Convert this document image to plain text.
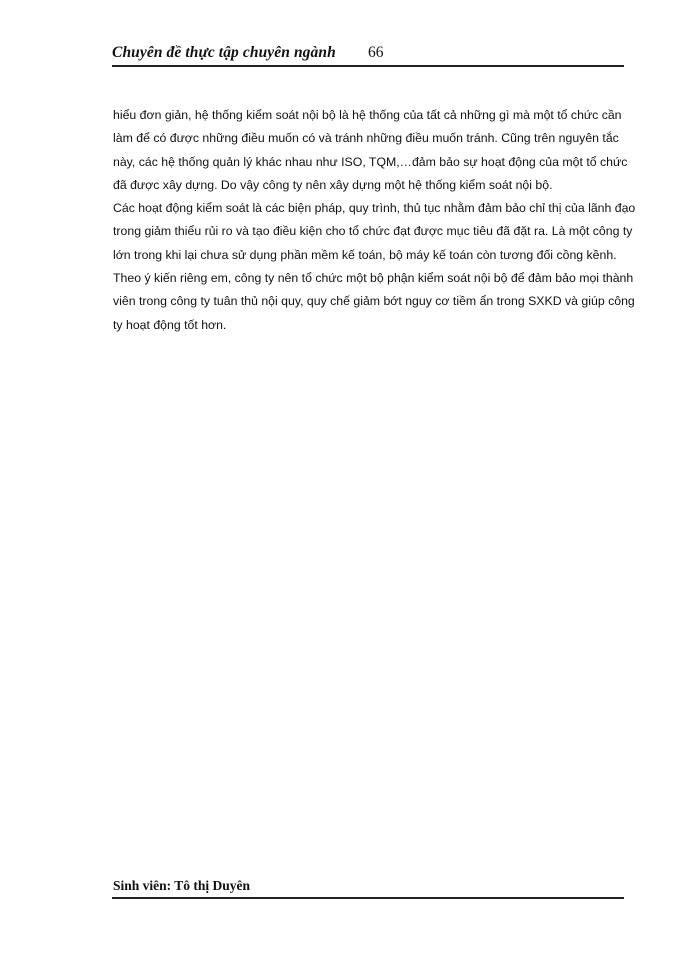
Chuyên đề thực tập chuyên ngành 66

hiểu đơn giản, hệ thống kiểm soát nội bộ là hệ thống của tất cả những gì mà một tổ chức cần làm để có được những điều muốn có và tránh những điều muốn tránh. Cũng trên nguyên tắc này, các hệ thống quản lý khác nhau như ISO, TQM,…đảm bảo sự hoạt động của một tổ chức đã được xây dựng. Do vậy công ty nên xây dựng một hệ thống kiểm soát nội bộ.

Các hoạt động kiểm soát là các biện pháp, quy trình, thủ tục nhằm đảm bảo chỉ thị của lãnh đạo trong giảm thiểu rủi ro và tạo điều kiện cho tổ chức đạt được mục tiêu đã đặt ra. Là một công ty lớn trong khi lại chưa sử dụng phần mềm kế toán, bộ máy kế toán còn tương đối cồng kềnh. Theo ý kiến riêng em, công ty nên tổ chức một bộ phận kiểm soát nội bộ để đảm bảo mọi thành viên trong công ty tuân thủ nội quy, quy chế giảm bớt nguy cơ tiềm ẩn trong SXKD và giúp công ty hoạt động tốt hơn.

Sinh viên: Tô thị Duyên
